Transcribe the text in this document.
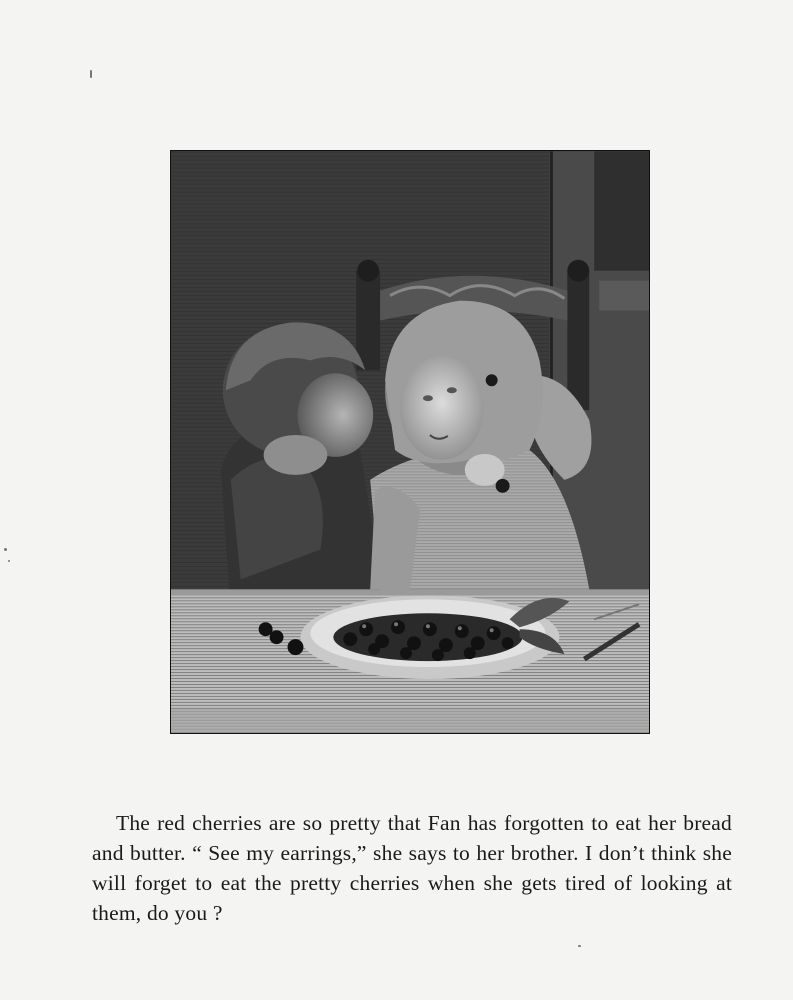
The red cherries are so pretty that Fan has forgotten to eat her bread and butter. “ See my earrings,” she says to her brother. I don’t think she will forget to eat the pretty cherries when she gets tired of looking at them, do you ?
